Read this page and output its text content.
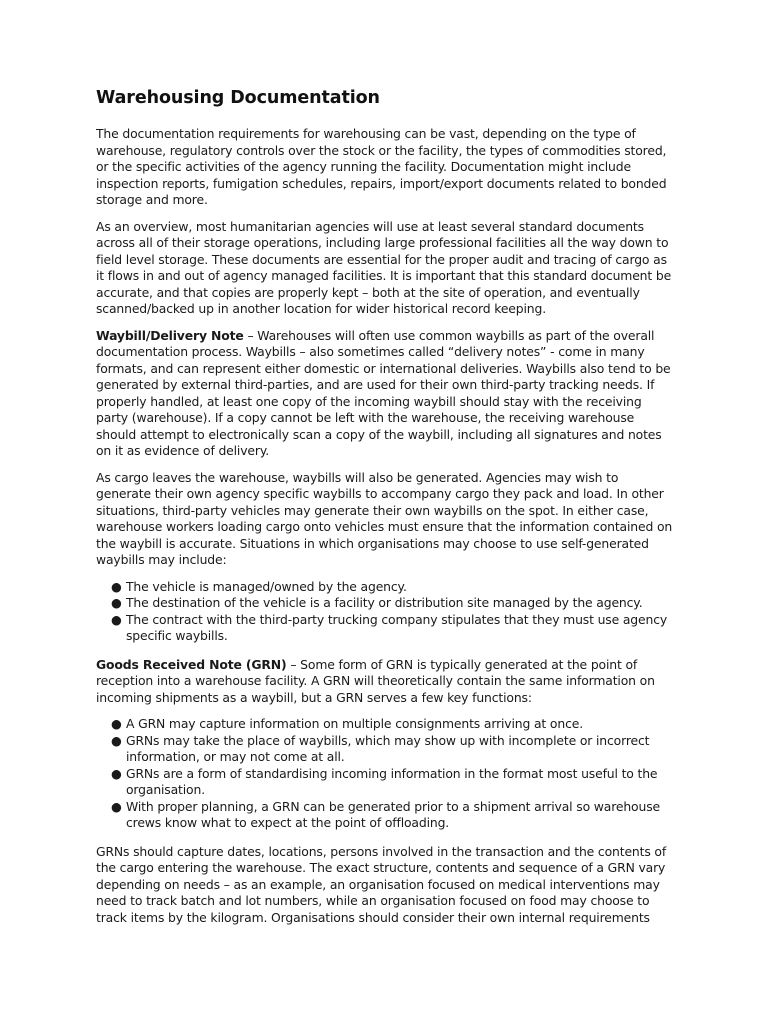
Warehousing Documentation

The documentation requirements for warehousing can be vast, depending on the type of warehouse, regulatory controls over the stock or the facility, the types of commodities stored, or the specific activities of the agency running the facility. Documentation might include inspection reports, fumigation schedules, repairs, import/export documents related to bonded storage and more.

As an overview, most humanitarian agencies will use at least several standard documents across all of their storage operations, including large professional facilities all the way down to field level storage. These documents are essential for the proper audit and tracing of cargo as it flows in and out of agency managed facilities. It is important that this standard document be accurate, and that copies are properly kept – both at the site of operation, and eventually scanned/backed up in another location for wider historical record keeping.

Waybill/Delivery Note – Warehouses will often use common waybills as part of the overall documentation process. Waybills – also sometimes called “delivery notes” - come in many formats, and can represent either domestic or international deliveries. Waybills also tend to be generated by external third-parties, and are used for their own third-party tracking needs. If properly handled, at least one copy of the incoming waybill should stay with the receiving party (warehouse). If a copy cannot be left with the warehouse, the receiving warehouse should attempt to electronically scan a copy of the waybill, including all signatures and notes on it as evidence of delivery.

As cargo leaves the warehouse, waybills will also be generated. Agencies may wish to generate their own agency specific waybills to accompany cargo they pack and load. In other situations, third-party vehicles may generate their own waybills on the spot. In either case, warehouse workers loading cargo onto vehicles must ensure that the information contained on the waybill is accurate. Situations in which organisations may choose to use self-generated waybills may include:

● The vehicle is managed/owned by the agency.
● The destination of the vehicle is a facility or distribution site managed by the agency.
● The contract with the third-party trucking company stipulates that they must use agency specific waybills.

Goods Received Note (GRN) – Some form of GRN is typically generated at the point of reception into a warehouse facility. A GRN will theoretically contain the same information on incoming shipments as a waybill, but a GRN serves a few key functions:

● A GRN may capture information on multiple consignments arriving at once.
● GRNs may take the place of waybills, which may show up with incomplete or incorrect information, or may not come at all.
● GRNs are a form of standardising incoming information in the format most useful to the organisation.
● With proper planning, a GRN can be generated prior to a shipment arrival so warehouse crews know what to expect at the point of offloading.

GRNs should capture dates, locations, persons involved in the transaction and the contents of the cargo entering the warehouse. The exact structure, contents and sequence of a GRN vary depending on needs – as an example, an organisation focused on medical interventions may need to track batch and lot numbers, while an organisation focused on food may choose to track items by the kilogram. Organisations should consider their own internal requirements
